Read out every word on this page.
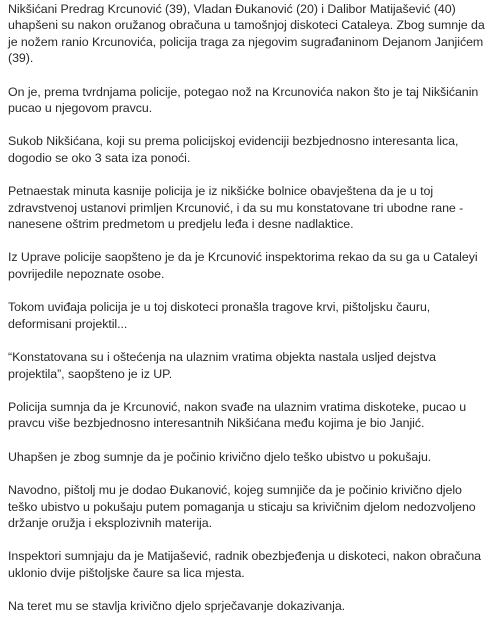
Nikšićani Predrag Krcunović (39), Vladan Đukanović (20) i Dalibor Matijašević (40) uhapšeni su nakon oružanog obračuna u tamošnjoj diskoteci Cataleya. Zbog sumnje da je nožem ranio Krcunovića, policija traga za njegovim sugrađaninom Dejanom Janjićem (39).

On je, prema tvrdnjama policije, potegao nož na Krcunovića nakon što je taj Nikšićanin pucao u njegovom pravcu.

Sukob Nikšićana, koji su prema policijskoj evidenciji bezbjednosno interesanta lica, dogodio se oko 3 sata iza ponoći.

Petnaestak minuta kasnije policija je iz nikšićke bolnice obavještena da je u toj zdravstvenoj ustanovi primljen Krcunović, i da su mu konstatovane tri ubodne rane - nanesene oštrim predmetom u predjelu leđa i desne nadlaktice.

Iz Uprave policije saopšteno je da je Krcunović inspektorima rekao da su ga u Cataleyi povrijedile nepoznate osobe.

Tokom uviđaja policija je u toj diskoteci pronašla tragove krvi, pištoljsku čauru, deformisani projektil...

“Konstatovana su i oštećenja na ulaznim vratima objekta nastala usljed dejstva projektila”, saopšteno je iz UP.

Policija sumnja da je Krcunović, nakon svađe na ulaznim vratima diskoteke, pucao u pravcu više bezbjednosno interesantnih Nikšićana među kojima je bio Janjić.

Uhapšen je zbog sumnje da je počinio krivično djelo teško ubistvo u pokušaju.

Navodno, pištolj mu je dodao Đukanović, kojeg sumnjiče da je počinio krivično djelo teško ubistvo u pokušaju putem pomaganja u sticaju sa krivičnim djelom nedozvoljeno držanje oružja i eksplozivnih materija.

Inspektori sumnjaju da je Matijašević, radnik obezbjeđenja u diskoteci, nakon obračuna uklonio dvije pištoljske čaure sa lica mjesta.

Na teret mu se stavlja krivično djelo sprječavanje dokazivanja.
